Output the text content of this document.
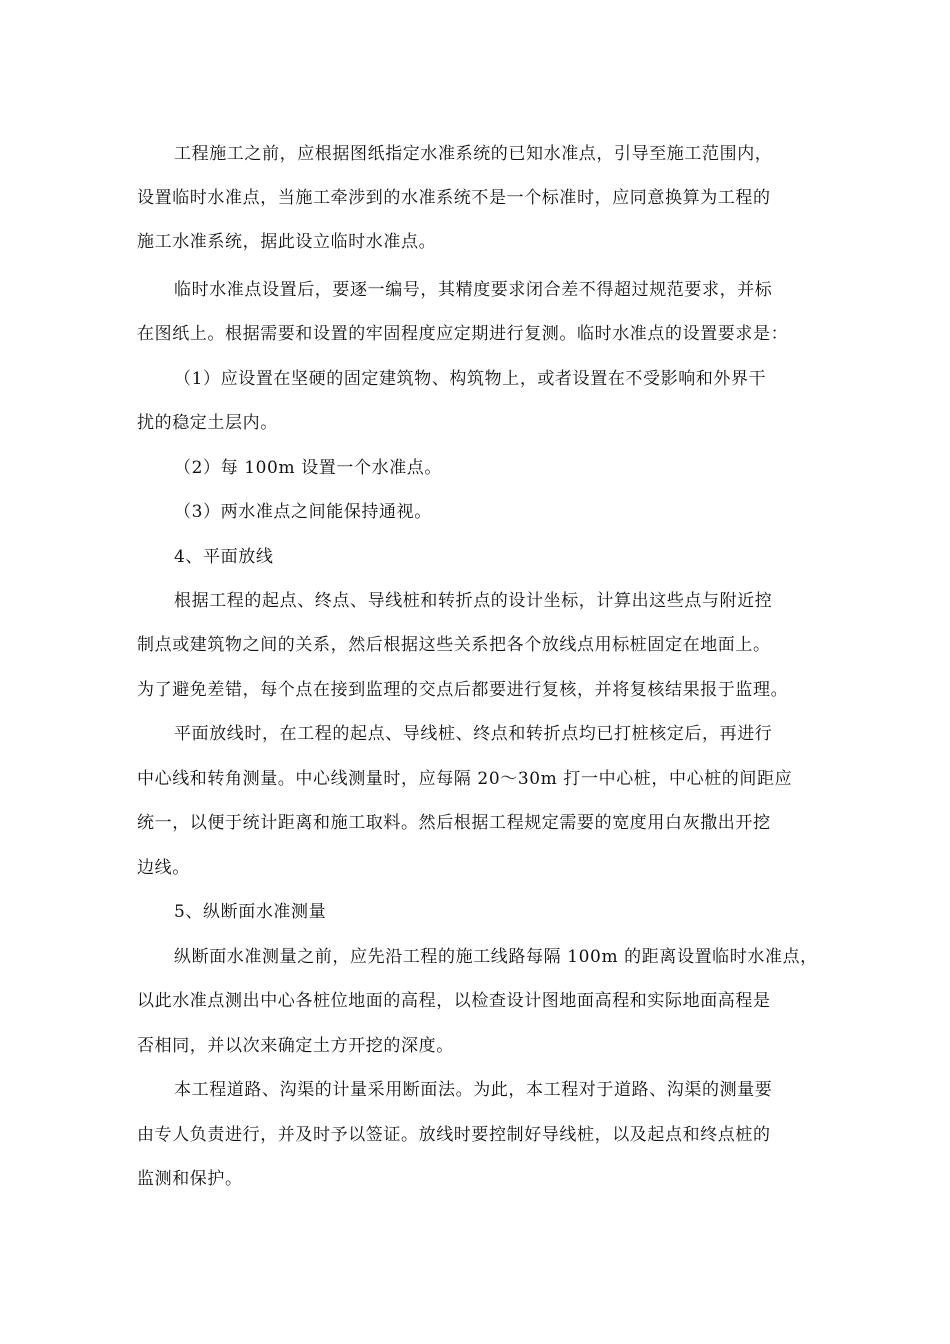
工程施工之前，应根据图纸指定水准系统的已知水准点，引导至施工范围内，

设置临时水准点，当施工牵涉到的水准系统不是一个标准时，应同意换算为工程的

施工水准系统，据此设立临时水准点。

临时水准点设置后，要逐一编号，其精度要求闭合差不得超过规范要求，并标

在图纸上。根据需要和设置的牢固程度应定期进行复测。临时水准点的设置要求是：

（1）应设置在坚硬的固定建筑物、构筑物上，或者设置在不受影响和外界干

扰的稳定土层内。

（2）每 100m 设置一个水准点。

（3）两水准点之间能保持通视。

4、平面放线

根据工程的起点、终点、导线桩和转折点的设计坐标，计算出这些点与附近控

制点或建筑物之间的关系，然后根据这些关系把各个放线点用标桩固定在地面上。

为了避免差错，每个点在接到监理的交点后都要进行复核，并将复核结果报于监理。

平面放线时，在工程的起点、导线桩、终点和转折点均已打桩核定后，再进行

中心线和转角测量。中心线测量时，应每隔 20～30m 打一中心桩，中心桩的间距应

统一，以便于统计距离和施工取料。然后根据工程规定需要的宽度用白灰撒出开挖

边线。

5、纵断面水准测量

纵断面水准测量之前，应先沿工程的施工线路每隔 100m 的距离设置临时水准点，

以此水准点测出中心各桩位地面的高程，以检查设计图地面高程和实际地面高程是

否相同，并以次来确定土方开挖的深度。

本工程道路、沟渠的计量采用断面法。为此，本工程对于道路、沟渠的测量要

由专人负责进行，并及时予以签证。放线时要控制好导线桩，以及起点和终点桩的

监测和保护。
